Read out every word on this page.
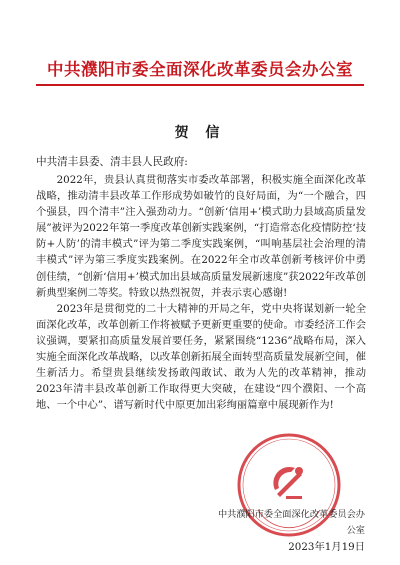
中共濮阳市委全面深化改革委员会办公室
贺 信
中共清丰县委、清丰县人民政府:

2022年，贵县认真贯彻落实市委改革部署，积极实施全面深化改革战略，推动清丰县改革工作形成势如破竹的良好局面，为“一个融合，四个强县，四个清丰”注入强劲动力。“创新‘信用+’模式助力县域高质量发展”被评为2022年第一季度改革创新实践案例，“打造常态化疫情防控‘技防+人防’的清丰模式”评为第二季度实践案例，“叫响基层社会治理的清丰模式”评为第三季度实践案例。在2022年全市改革创新考核评价中勇创佳绩，“创新‘信用+’模式加出县域高质量发展新速度”获2022年改革创新典型案例二等奖。特致以热烈祝贺，并表示衷心感谢!

2023年是贯彻党的二十大精神的开局之年，党中央将谋划新一轮全面深化改革，改革创新工作将被赋予更新更重要的使命。市委经济工作会议强调，要紧扣高质量发展首要任务，紧紧围绕“1236”战略布局，深入实施全面深化改革战略，以改革创新拓展全面转型高质量发展新空间，催生新活力。希望贵县继续发扬敢闯敢试、敢为人先的改革精神，推动2023年清丰县改革创新工作取得更大突破，在建设“四个濮阳、一个高地、一个中心”、谱写新时代中原更加出彩绚丽篇章中展现新作为!

中共濮阳市委全面深化改革委员会办公室
2023年1月19日
